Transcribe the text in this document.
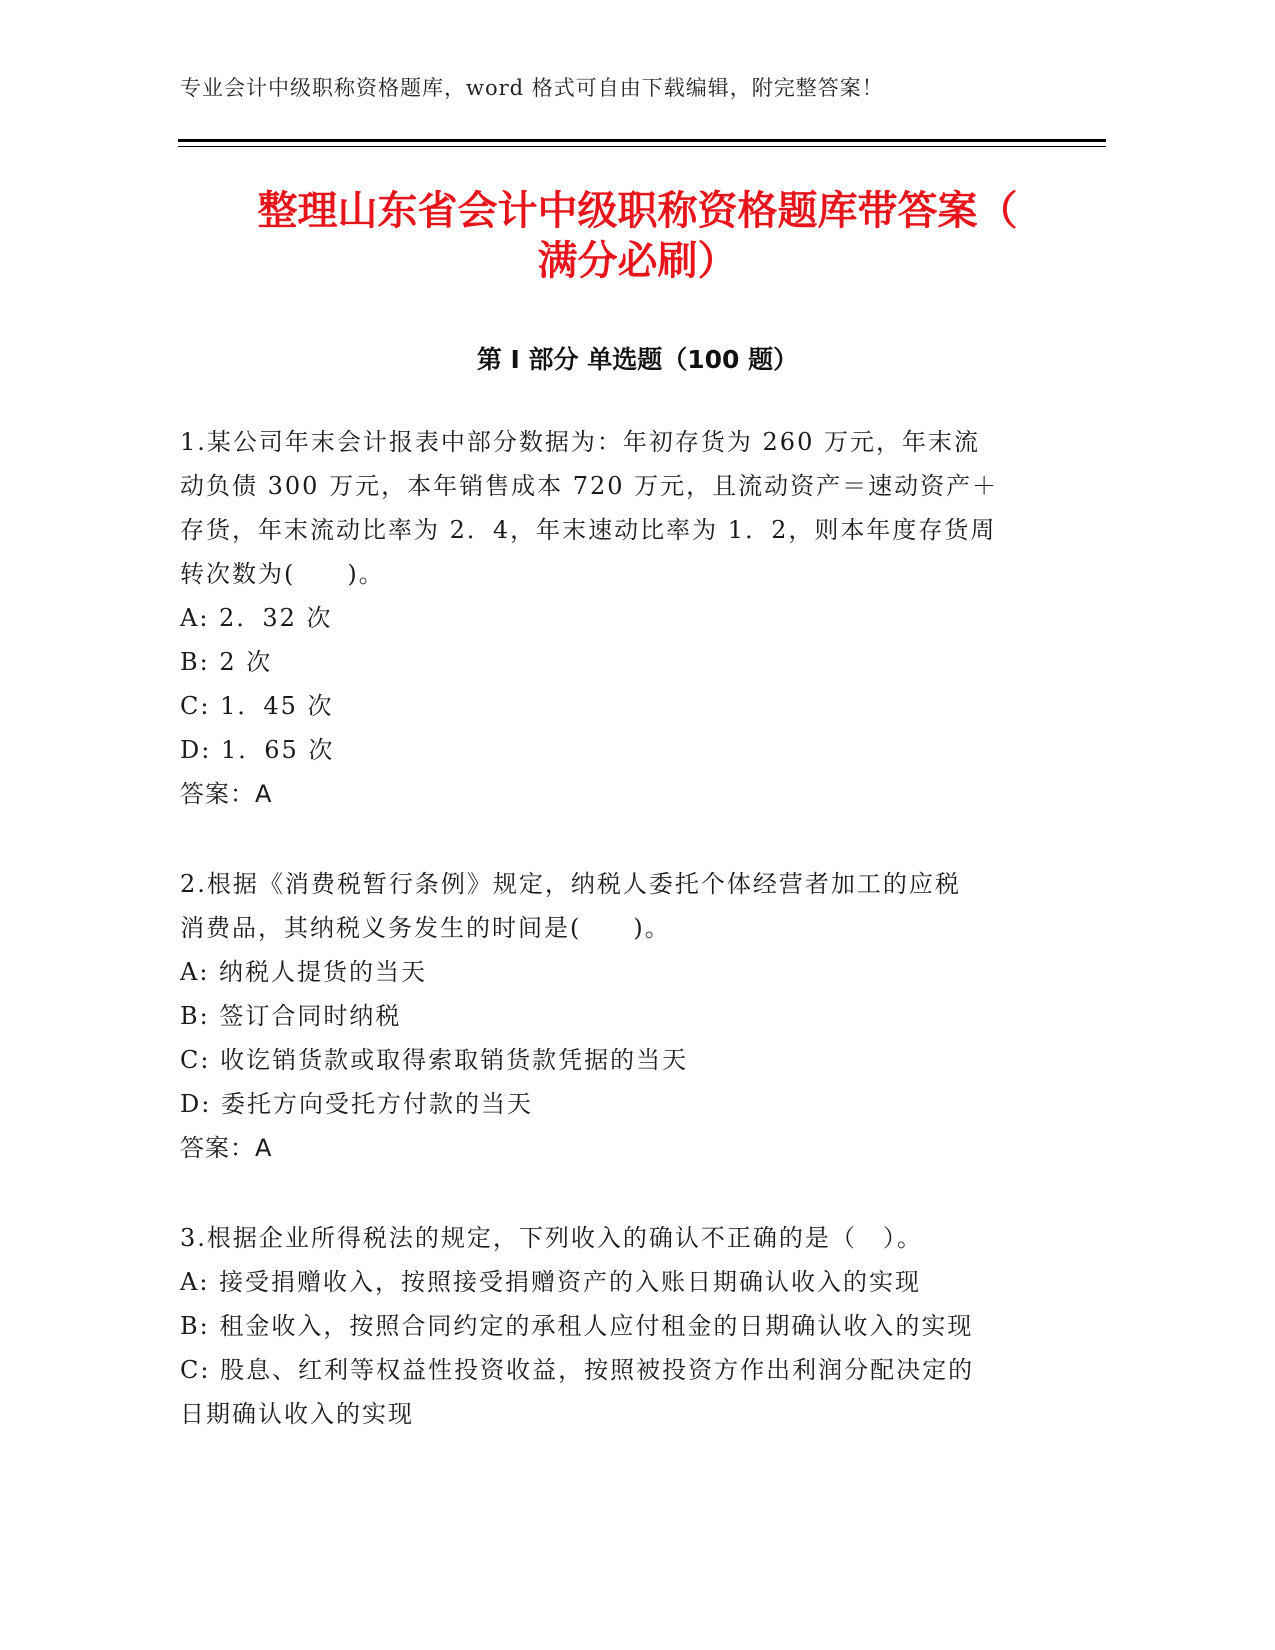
专业会计中级职称资格题库，word 格式可自由下载编辑，附完整答案！
整理山东省会计中级职称资格题库带答案（
满分必刷）
第 I 部分 单选题（100 题）
1.某公司年末会计报表中部分数据为：年初存货为 260 万元，年末流
动负债 300 万元，本年销售成本 720 万元，且流动资产＝速动资产＋
存货，年末流动比率为 2．4，年末速动比率为 1．2，则本年度存货周
转次数为(　　)。
A: 2．32 次
B: 2 次
C: 1．45 次
D: 1．65 次
答案：A
2.根据《消费税暂行条例》规定，纳税人委托个体经营者加工的应税
消费品，其纳税义务发生的时间是(　　)。
A: 纳税人提货的当天
B: 签订合同时纳税
C: 收讫销货款或取得索取销货款凭据的当天
D: 委托方向受托方付款的当天
答案：A
3.根据企业所得税法的规定，下列收入的确认不正确的是（　）。
A: 接受捐赠收入，按照接受捐赠资产的入账日期确认收入的实现
B: 租金收入，按照合同约定的承租人应付租金的日期确认收入的实现
C: 股息、红利等权益性投资收益，按照被投资方作出利润分配决定的
日期确认收入的实现
